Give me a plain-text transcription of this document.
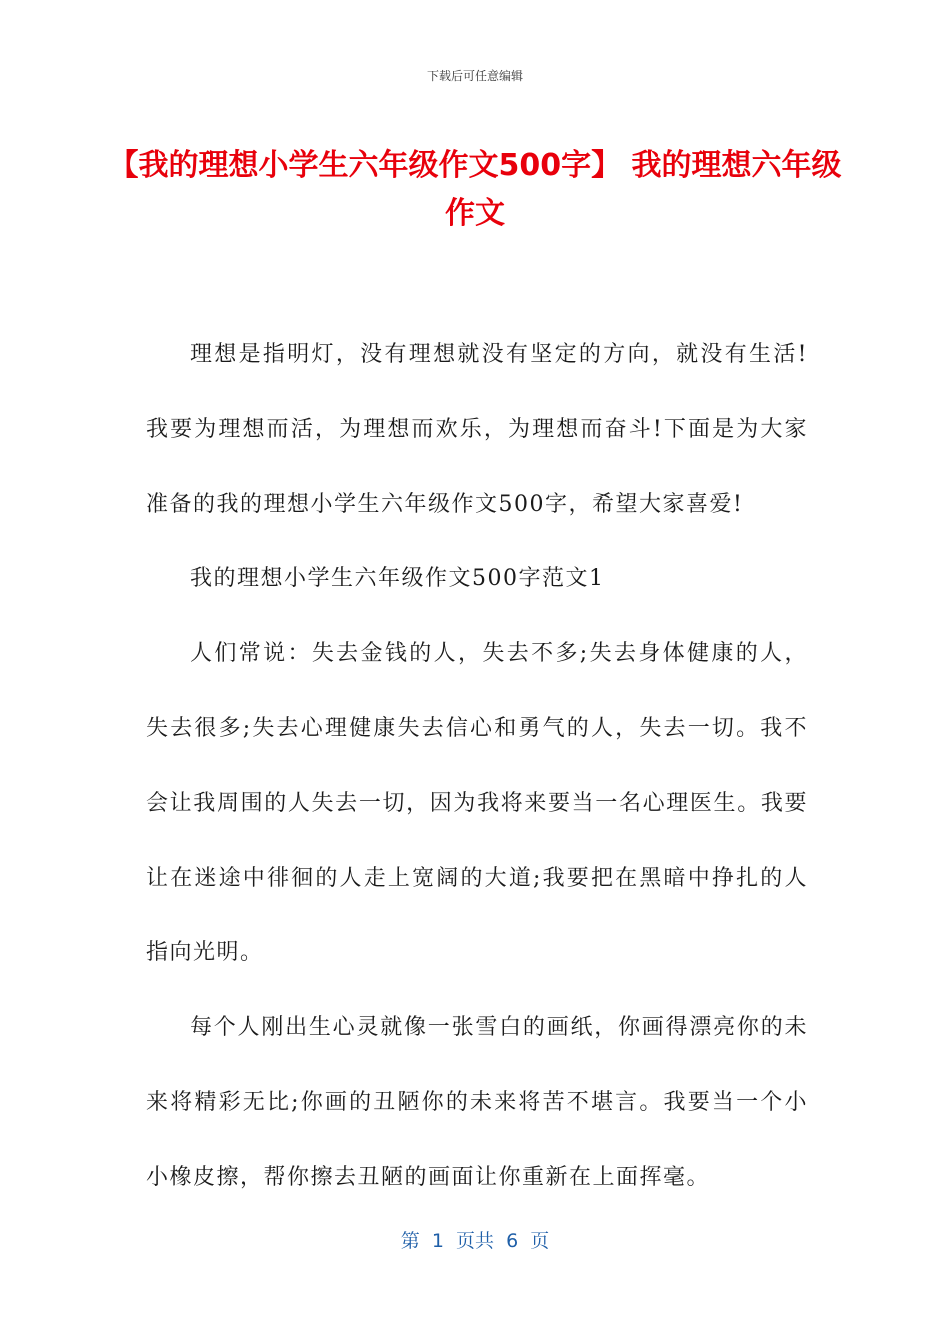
下载后可任意编辑
【我的理想小学生六年级作文500字】 我的理想六年级作文

理想是指明灯，没有理想就没有坚定的方向，就没有生活!我要为理想而活，为理想而欢乐，为理想而奋斗!下面是为大家准备的我的理想小学生六年级作文500字，希望大家喜爱!

我的理想小学生六年级作文500字范文1

人们常说：失去金钱的人，失去不多;失去身体健康的人，失去很多;失去心理健康失去信心和勇气的人，失去一切。我不会让我周围的人失去一切，因为我将来要当一名心理医生。我要让在迷途中徘徊的人走上宽阔的大道;我要把在黑暗中挣扎的人指向光明。

每个人刚出生心灵就像一张雪白的画纸，你画得漂亮你的未来将精彩无比;你画的丑陋你的未来将苦不堪言。我要当一个小小橡皮擦，帮你擦去丑陋的画面让你重新在上面挥毫。

第  1  页共  6  页
